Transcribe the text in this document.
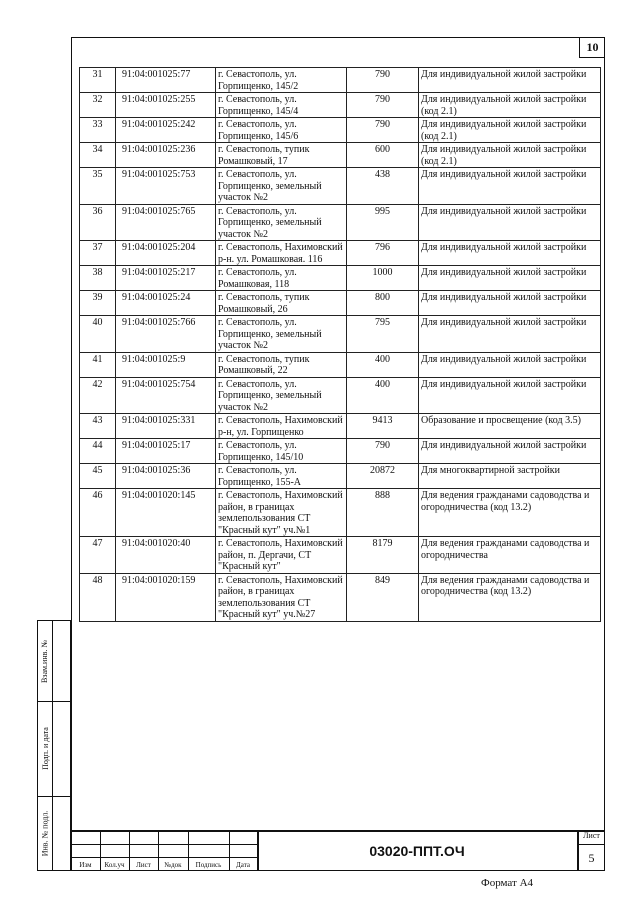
10
31	91:04:001025:77	г. Севастополь, ул. Горпищенко, 145/2	790	Для индивидуальной жилой застройки
32	91:04:001025:255	г. Севастополь, ул. Горпищенко, 145/4	790	Для индивидуальной жилой застройки (код 2.1)
33	91:04:001025:242	г. Севастополь, ул. Горпищенко, 145/6	790	Для индивидуальной жилой застройки (код 2.1)
34	91:04:001025:236	г. Севастополь, тупик Ромашковый, 17	600	Для индивидуальной жилой застройки (код 2.1)
35	91:04:001025:753	г. Севастополь, ул. Горпищенко, земельный участок №2	438	Для индивидуальной жилой застройки
36	91:04:001025:765	г. Севастополь, ул. Горпищенко, земельный участок №2	995	Для индивидуальной жилой застройки
37	91:04:001025:204	г. Севастополь, Нахимовский р-н. ул. Ромашковая. 116	796	Для индивидуальной жилой застройки
38	91:04:001025:217	г. Севастополь, ул. Ромашковая, 118	1000	Для индивидуальной жилой застройки
39	91:04:001025:24	г. Севастополь, тупик Ромашковый, 26	800	Для индивидуальной жилой застройки
40	91:04:001025:766	г. Севастополь, ул. Горпищенко, земельный участок №2	795	Для индивидуальной жилой застройки
41	91:04:001025:9	г. Севастополь, тупик Ромашковый, 22	400	Для индивидуальной жилой застройки
42	91:04:001025:754	г. Севастополь, ул. Горпищенко, земельный участок №2	400	Для индивидуальной жилой застройки
43	91:04:001025:331	г. Севастополь, Нахимовский р-н, ул. Горпищенко	9413	Образование и просвещение (код 3.5)
44	91:04:001025:17	г. Севастополь, ул. Горпищенко, 145/10	790	Для индивидуальной жилой застройки
45	91:04:001025:36	г. Севастополь, ул. Горпищенко, 155-А	20872	Для многоквартирной застройки
46	91:04:001020:145	г. Севастополь, Нахимовский район, в границах землепользования СТ "Красный кут" уч.№1	888	Для ведения гражданами садоводства и огородничества (код 13.2)
47	91:04:001020:40	г. Севастополь, Нахимовский район, п. Дергачи, СТ "Красный кут"	8179	Для ведения гражданами садоводства и огородничества
48	91:04:001020:159	г. Севастополь, Нахимовский район, в границах землепользования СТ "Красный кут" уч.№27	849	Для ведения гражданами садоводства и огородничества (код 13.2)
Взам.инв. №
Подп. и дата
Инв. № подл.
Изм	Кол.уч	Лист	№док	Подпись	Дата
03020-ППТ.ОЧ
Лист
5
Формат А4
